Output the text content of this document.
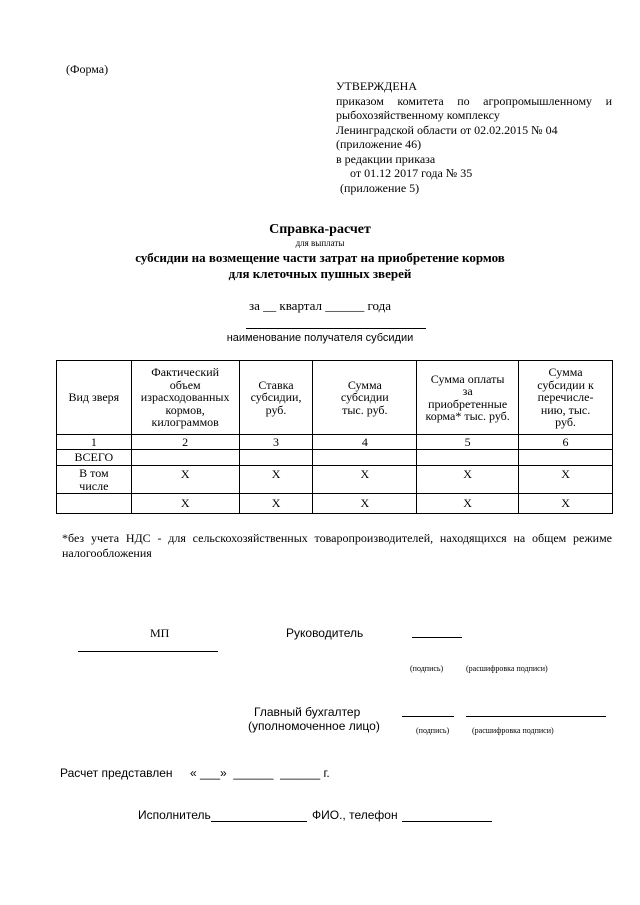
(Форма)
УТВЕРЖДЕНА
приказом комитета по агропромышленному и
рыбохозяйственному комплексу
Ленинградской области от 02.02.2015 № 04
(приложение 46)
в редакции приказа
от 01.12 2017 года № 35
(приложение 5)
Справка-расчет
для выплаты
субсидии на возмещение части затрат на приобретение кормов
для клеточных пушных зверей
за __ квартал ______ года
наименование получателя субсидии
Вид зверя	Фактический объем израсходованных кормов, килограммов	Ставка субсидии, руб.	Сумма субсидии тыс. руб.	Сумма оплаты за приобретенные корма* тыс. руб.	Сумма субсидии к перечисле-нию, тыс. руб.
1	2	3	4	5	6
ВСЕГО					
В том числе	X	X	X	X	X
	X	X	X	X	X
*без учета НДС - для сельскохозяйственных товаропроизводителей, находящихся на общем режиме налогообложения
МП	Руководитель
(подпись)	(расшифровка подписи)
Главный бухгалтер
(уполномоченное лицо)	(подпись)	(расшифровка подписи)
Расчет представлен « ___»  ______  ______ г.
Исполнитель	ФИО., телефон
